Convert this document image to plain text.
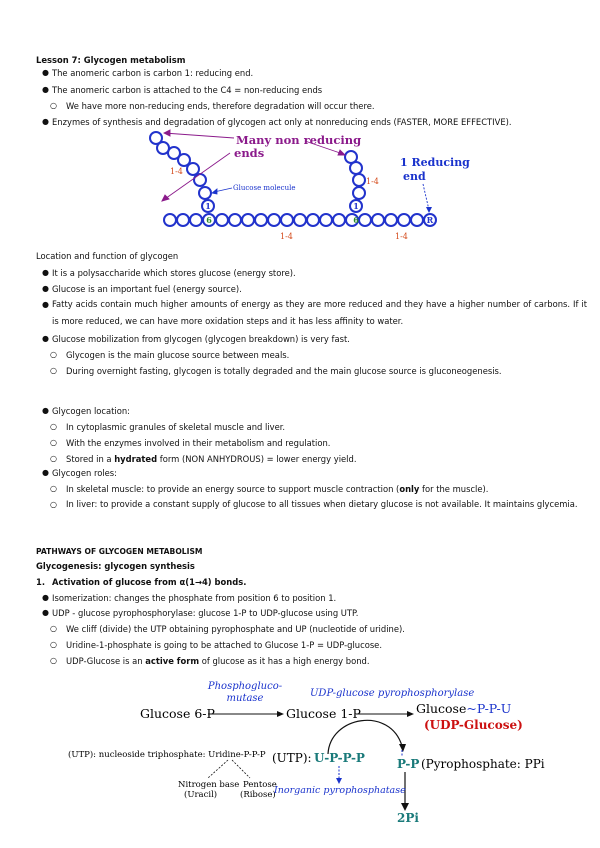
Lesson 7: Glycogen metabolism
● The anomeric carbon is carbon 1: reducing end.
● The anomeric carbon is attached to the C4 = non-reducing ends
○ We have more non-reducing ends, therefore degradation will occur there.
● Enzymes of synthesis and degradation of glycogen act only at nonreducing ends (FASTER, MORE EFFECTIVE).
1
6
1
6	R
1-4
1-4
1-4	1-4
Many non reducing
ends
1 Reducing
end
Glucose molecule
Location and function of glycogen
● It is a polysaccharide which stores glucose (energy store).
● Glucose is an important fuel (energy source).
● Fatty acids contain much higher amounts of energy as they are more reduced and they have a higher number of carbons. If it is more reduced, we can have more oxidation steps and it has less affinity to water.
● Glucose mobilization from glycogen (glycogen breakdown) is very fast.
○ Glycogen is the main glucose source between meals.
○ During overnight fasting, glycogen is totally degraded and the main glucose source is gluconeogenesis.
● Glycogen location:
○ In cytoplasmic granules of skeletal muscle and liver.
○ With the enzymes involved in their metabolism and regulation.
○ Stored in a hydrated form (NON ANHYDROUS) = lower energy yield.
● Glycogen roles:
○ In skeletal muscle: to provide an energy source to support muscle contraction (only for the muscle).
○ In liver: to provide a constant supply of glucose to all tissues when dietary glucose is not available. It maintains glycemia.
PATHWAYS OF GLYCOGEN METABOLISM
Glycogenesis: glycogen synthesis
1. Activation of glucose from α(1→4) bonds.
● Isomerization: changes the phosphate from position 6 to position 1.
● UDP - glucose pyrophosphorylase: glucose 1-P to UDP-glucose using UTP.
○ We cliff (divide) the UTP obtaining pyrophosphate and UP (nucleotide of uridine).
○ Uridine-1-phosphate is going to be attached to Glucose 1-P = UDP-glucose.
○ UDP-Glucose is an active form of glucose as it has a high energy bond.
Phosphogluco-
mutase	UDP-glucose pyrophosphorylase
Glucose 6-P	Glucose 1-P	Glucose~P-P-U
(UDP-Glucose)
(UTP): nucleoside triphosphate: Uridine-P-P-P
Nitrogen base
(Uracil)
Pentose
(Ribose)
(UTP): U-P-P-P	P-P (Pyrophosphate: PPi
Inorganic pyrophosphatase
2Pi
